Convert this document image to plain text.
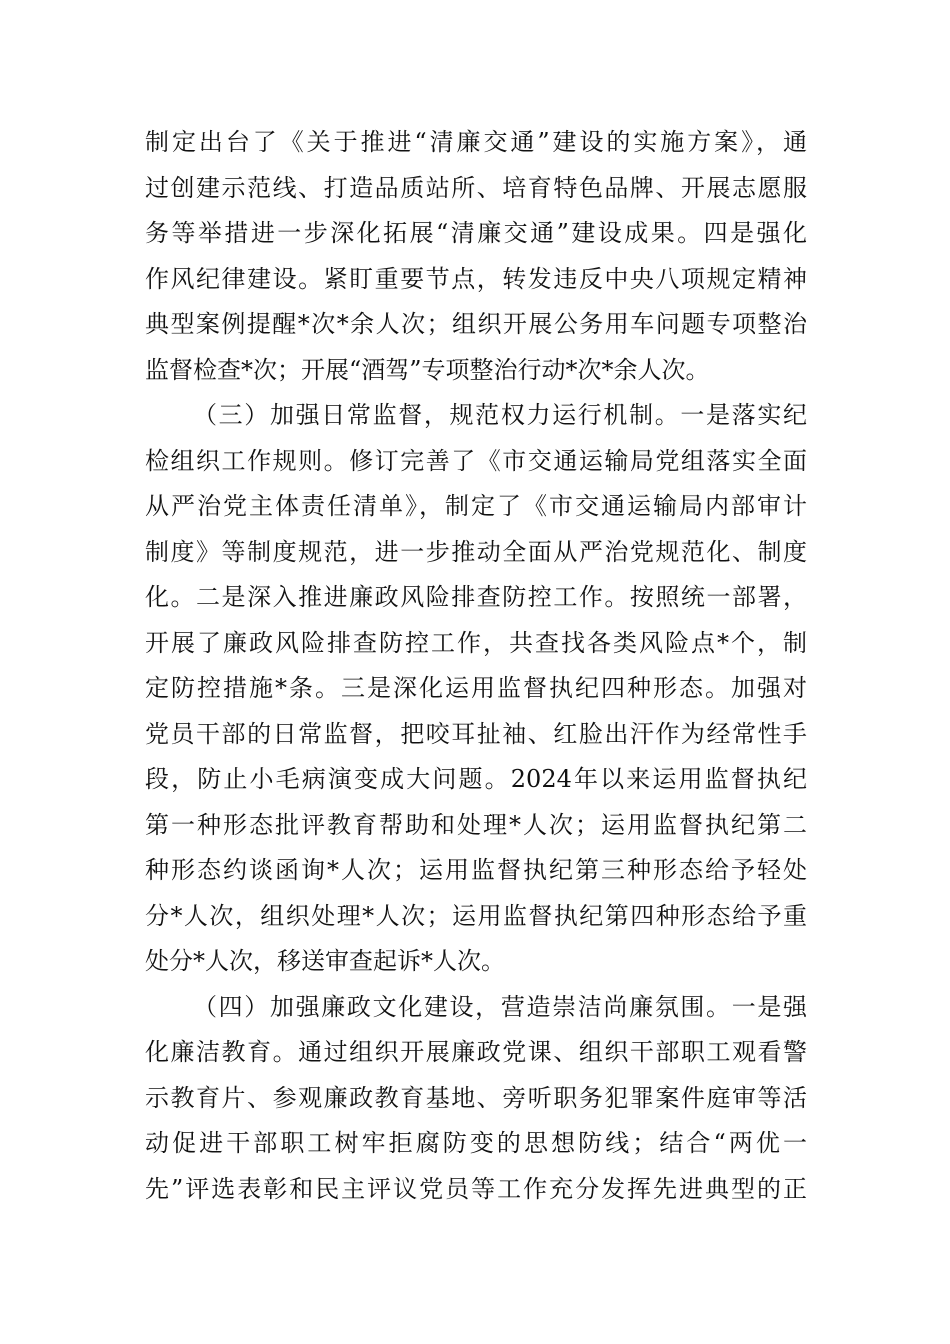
制定出台了《关于推进“清廉交通”建设的实施方案》，通
过创建示范线、打造品质站所、培育特色品牌、开展志愿服
务等举措进一步深化拓展“清廉交通”建设成果。四是强化
作风纪律建设。紧盯重要节点，转发违反中央八项规定精神
典型案例提醒*次*余人次；组织开展公务用车问题专项整治
监督检查*次；开展“酒驾”专项整治行动*次*余人次。
（三）加强日常监督，规范权力运行机制。一是落实纪
检组织工作规则。修订完善了《市交通运输局党组落实全面
从严治党主体责任清单》，制定了《市交通运输局内部审计
制度》等制度规范，进一步推动全面从严治党规范化、制度
化。二是深入推进廉政风险排查防控工作。按照统一部署，
开展了廉政风险排查防控工作，共查找各类风险点*个，制
定防控措施*条。三是深化运用监督执纪四种形态。加强对
党员干部的日常监督，把咬耳扯袖、红脸出汗作为经常性手
段，防止小毛病演变成大问题。2024年以来运用监督执纪
第一种形态批评教育帮助和处理*人次；运用监督执纪第二
种形态约谈函询*人次；运用监督执纪第三种形态给予轻处
分*人次，组织处理*人次；运用监督执纪第四种形态给予重
处分*人次，移送审查起诉*人次。
（四）加强廉政文化建设，营造崇洁尚廉氛围。一是强
化廉洁教育。通过组织开展廉政党课、组织干部职工观看警
示教育片、参观廉政教育基地、旁听职务犯罪案件庭审等活
动促进干部职工树牢拒腐防变的思想防线；结合“两优一
先”评选表彰和民主评议党员等工作充分发挥先进典型的正
